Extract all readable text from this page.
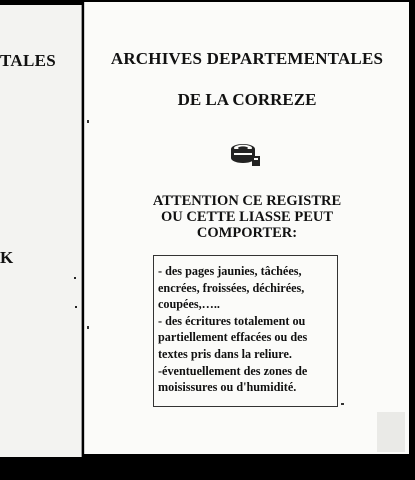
TALES
K
ARCHIVES DEPARTEMENTALES
DE LA CORREZE
ATTENTION CE REGISTRE
OU CETTE LIASSE PEUT
COMPORTER:
- des pages jaunies, tâchées,
encrées, froissées, déchirées,
coupées,…..
- des écritures totalement ou
partiellement effacées ou des
textes pris dans la reliure.
-éventuellement des zones de
moisissures ou d'humidité.
